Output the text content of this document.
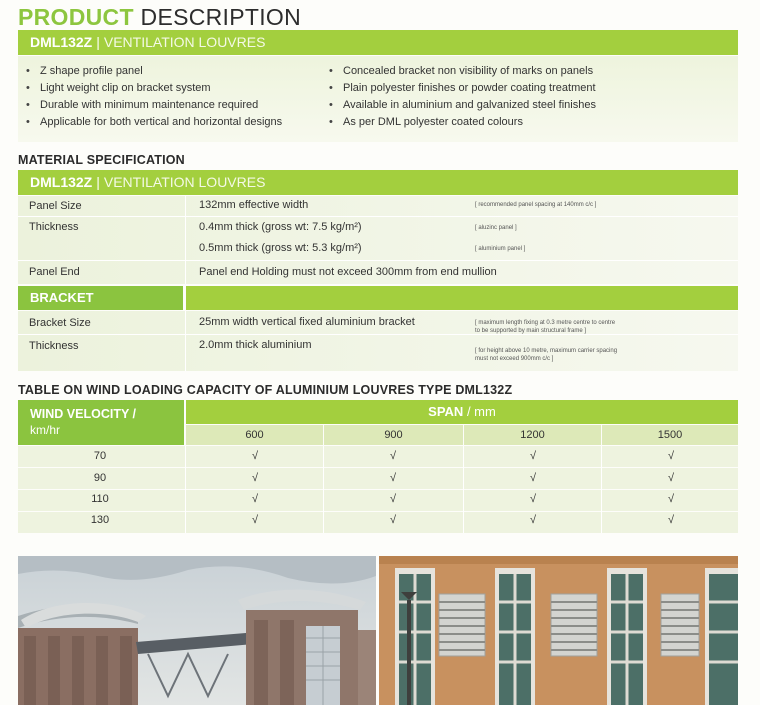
PRODUCT DESCRIPTION
DML132Z | VENTILATION LOUVRES
• Z shape profile panel
• Light weight clip on bracket system
• Durable with minimum maintenance required
• Applicable for both vertical and horizontal designs
• Concealed bracket non visibility of marks on panels
• Plain polyester finishes or powder coating treatment
• Available in aluminium and galvanized steel finishes
• As per DML polyester coated colours
MATERIAL SPECIFICATION
DML132Z | VENTILATION LOUVRES
Panel Size	132mm effective width	[ recommended panel spacing at 140mm c/c ]
Thickness	0.4mm thick (gross wt: 7.5 kg/m²)	[ aluzinc panel ]
0.5mm thick (gross wt: 5.3 kg/m²)	[ aluminium panel ]
Panel End	Panel end Holding must not exceed 300mm from end mullion
BRACKET
Bracket Size	25mm width vertical fixed aluminium bracket	[ maximum length fixing at 0.3 metre centre to centre
to be supported by main structural frame ]
Thickness	2.0mm thick aluminium	[ for height above 10 metre, maximum carrier spacing
must not exceed 900mm c/c ]
TABLE ON WIND LOADING CAPACITY OF ALUMINIUM LOUVRES TYPE DML132Z
WIND VELOCITY /
km/hr
SPAN / mm
600	900	1200	1500
70	√	√	√	√
90	√	√	√	√
110	√	√	√	√
130	√	√	√	√
